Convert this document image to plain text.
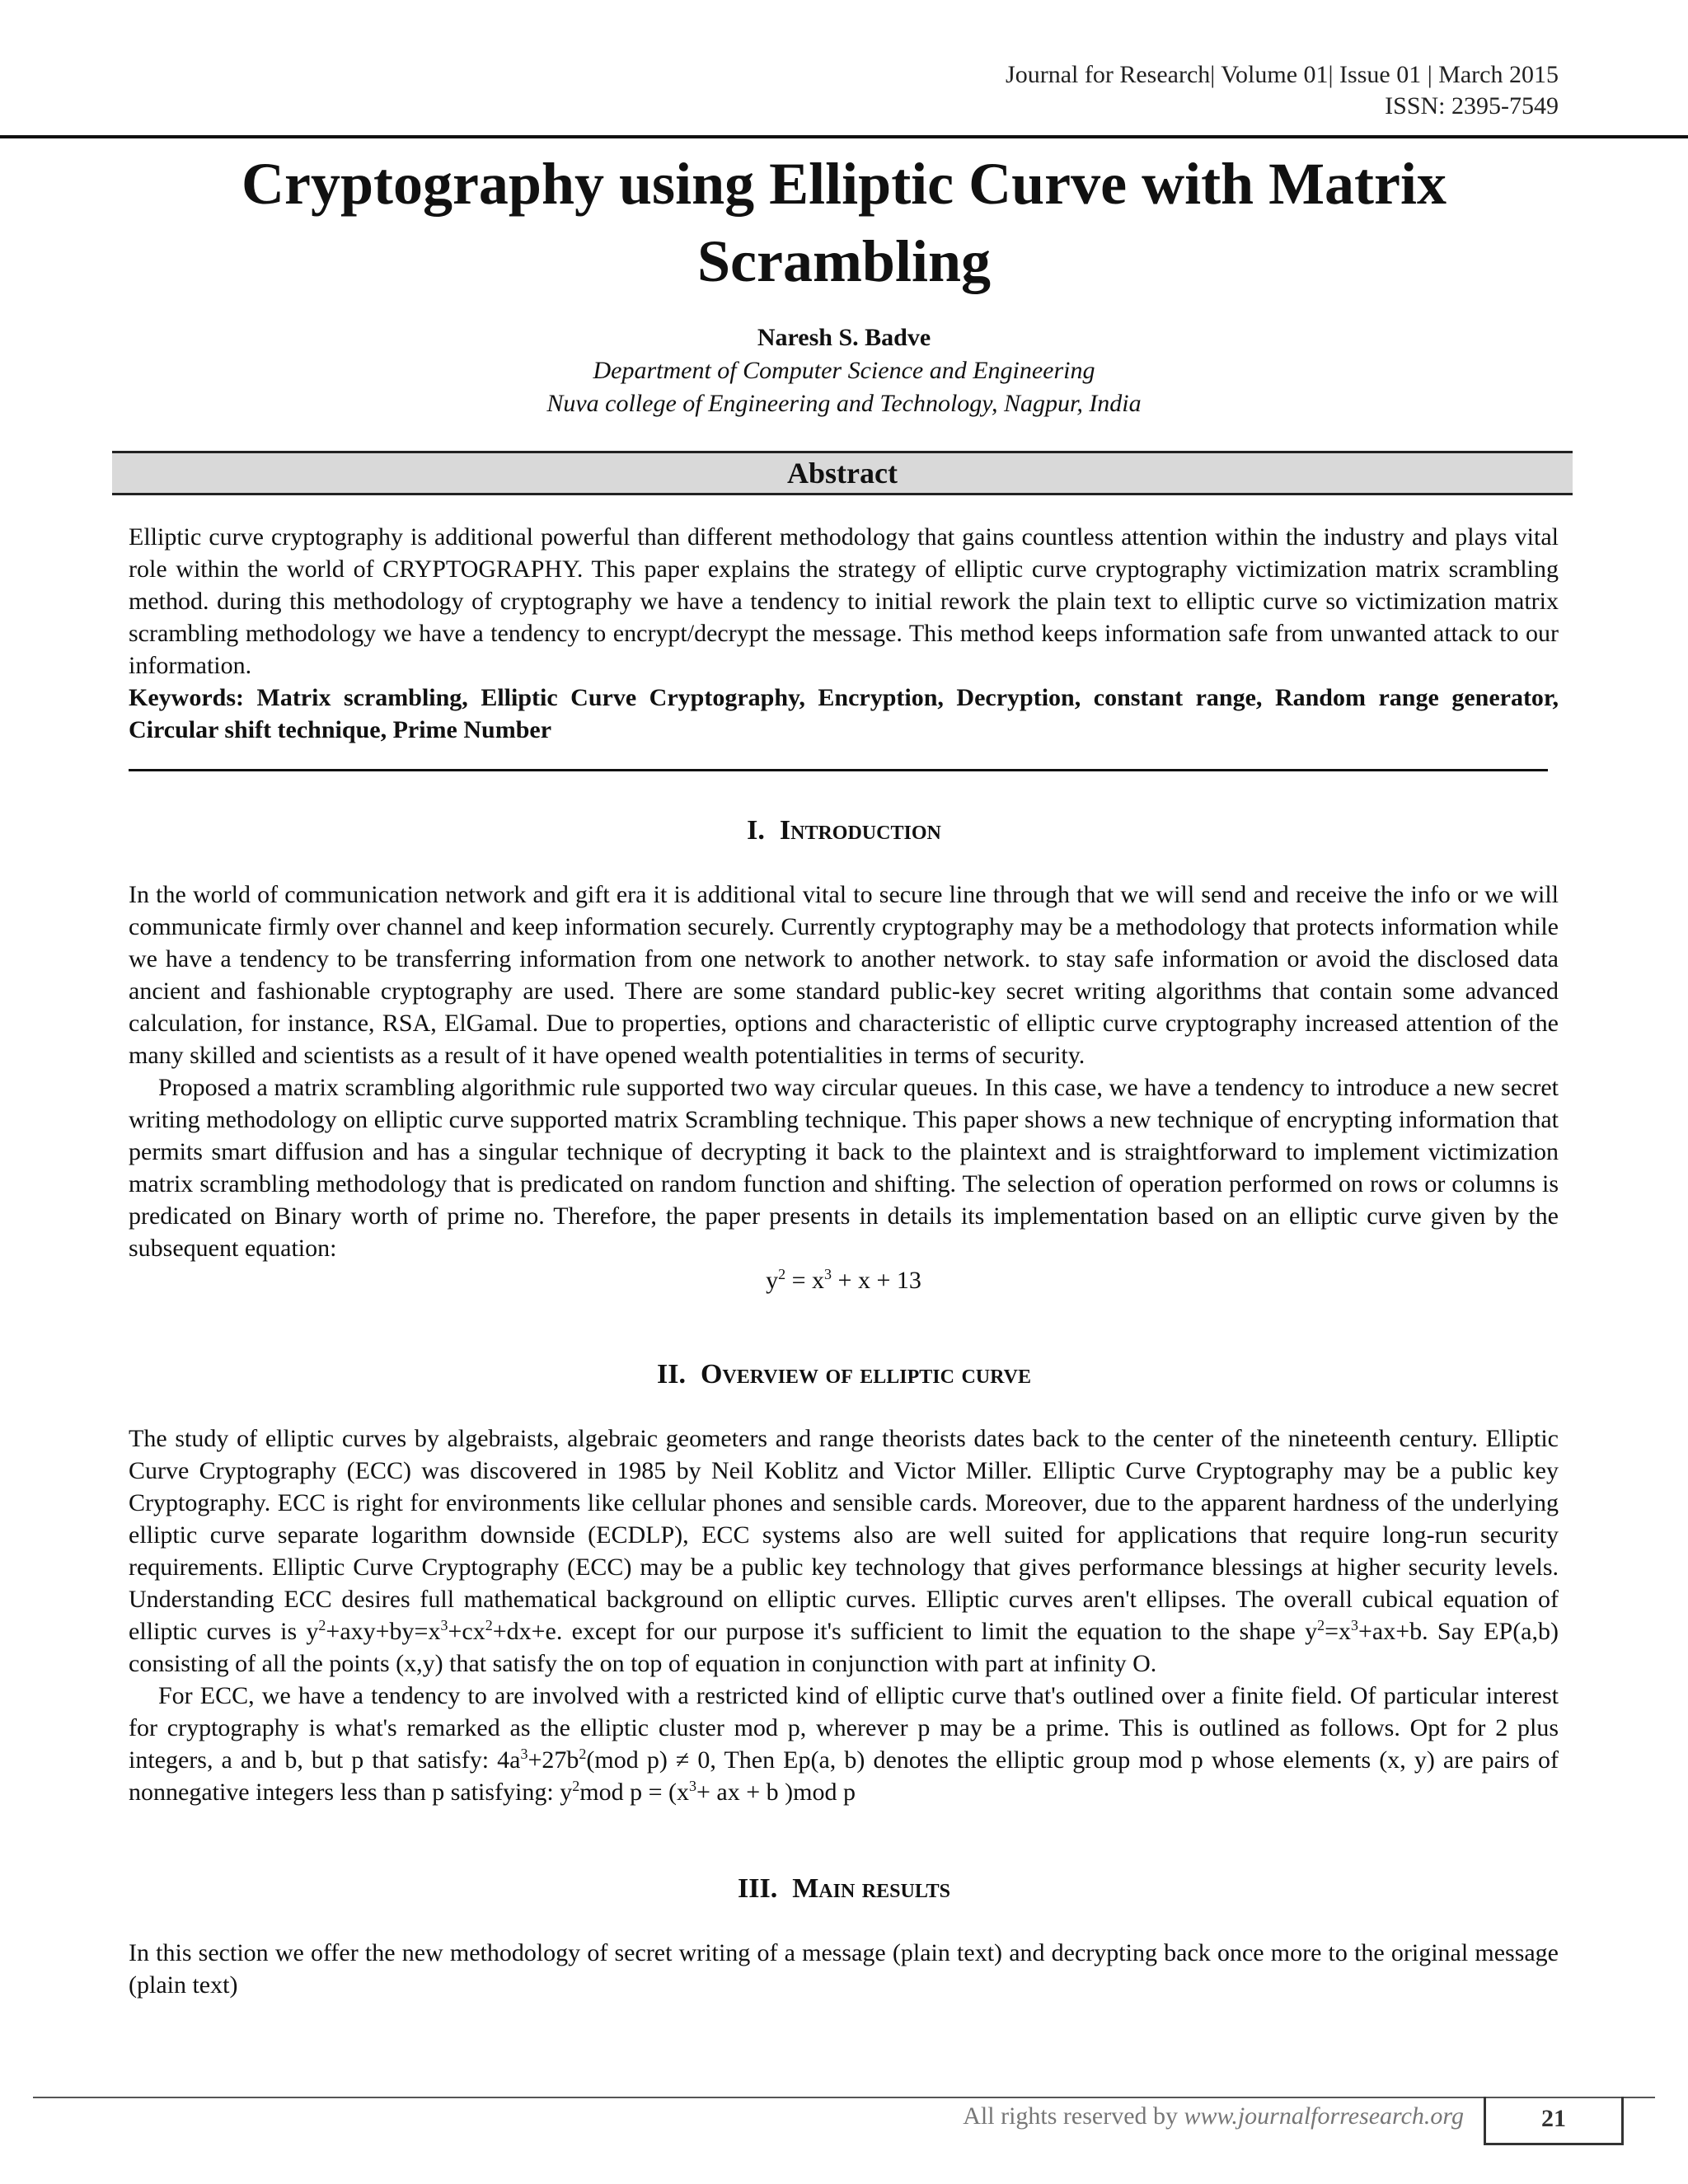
Journal for Research| Volume 01| Issue 01 | March 2015
ISSN: 2395-7549
Cryptography using Elliptic Curve with Matrix Scrambling
Naresh S. Badve
Department of Computer Science and Engineering
Nuva college of Engineering and Technology, Nagpur, India
Abstract

Elliptic curve cryptography is additional powerful than different methodology that gains countless attention within the industry and plays vital role within the world of CRYPTOGRAPHY. This paper explains the strategy of elliptic curve cryptography victimization matrix scrambling method. during this methodology of cryptography we have a tendency to initial rework the plain text to elliptic curve so victimization matrix scrambling methodology we have a tendency to encrypt/decrypt the message. This method keeps information safe from unwanted attack to our information.

Keywords: Matrix scrambling, Elliptic Curve Cryptography, Encryption, Decryption, constant range, Random range generator, Circular shift technique, Prime Number

I. Introduction

In the world of communication network and gift era it is additional vital to secure line through that we will send and receive the info or we will communicate firmly over channel and keep information securely. Currently cryptography may be a methodology that protects information while we have a tendency to be transferring information from one network to another network. to stay safe information or avoid the disclosed data ancient and fashionable cryptography are used. There are some standard public-key secret writing algorithms that contain some advanced calculation, for instance, RSA, ElGamal. Due to properties, options and characteristic of elliptic curve cryptography increased attention of the many skilled and scientists as a result of it have opened wealth potentialities in terms of security.

Proposed a matrix scrambling algorithmic rule supported two way circular queues. In this case, we have a tendency to introduce a new secret writing methodology on elliptic curve supported matrix Scrambling technique. This paper shows a new technique of encrypting information that permits smart diffusion and has a singular technique of decrypting it back to the plaintext and is straightforward to implement victimization matrix scrambling methodology that is predicated on random function and shifting. The selection of operation performed on rows or columns is predicated on Binary worth of prime no. Therefore, the paper presents in details its implementation based on an elliptic curve given by the subsequent equation:

$y^2 = x^3 + x + 13$

II. Overview of elliptic curve

The study of elliptic curves by algebraists, algebraic geometers and range theorists dates back to the center of the nineteenth century. Elliptic Curve Cryptography (ECC) was discovered in 1985 by Neil Koblitz and Victor Miller. Elliptic Curve Cryptography may be a public key Cryptography. ECC is right for environments like cellular phones and sensible cards. Moreover, due to the apparent hardness of the underlying elliptic curve separate logarithm downside (ECDLP), ECC systems also are well suited for applications that require long-run security requirements. Elliptic Curve Cryptography (ECC) may be a public key technology that gives performance blessings at higher security levels. Understanding ECC desires full mathematical background on elliptic curves. Elliptic curves aren't ellipses. The overall cubical equation of elliptic curves is $y^2+axy+by=x^3+cx^2+dx+e$. except for our purpose it's sufficient to limit the equation to the shape $y^2=x^3+ax+b$. Say EP(a,b) consisting of all the points (x,y) that satisfy the on top of equation in conjunction with part at infinity O.

For ECC, we have a tendency to are involved with a restricted kind of elliptic curve that's outlined over a finite field. Of particular interest for cryptography is what's remarked as the elliptic cluster mod p, wherever p may be a prime. This is outlined as follows. Opt for 2 plus integers, a and b, but p that satisfy: $4a^3+27b^2(mod$ p) ≠ 0, Then Ep(a, b) denotes the elliptic group mod p whose elements (x, y) are pairs of nonnegative integers less than p satisfying: $y^2mod$ $p = (x^3+$ ax + b )mod p

III. Main results

In this section we offer the new methodology of secret writing of a message (plain text) and decrypting back once more to the original message (plain text)

All rights reserved by www.journalforresearch.org	21
